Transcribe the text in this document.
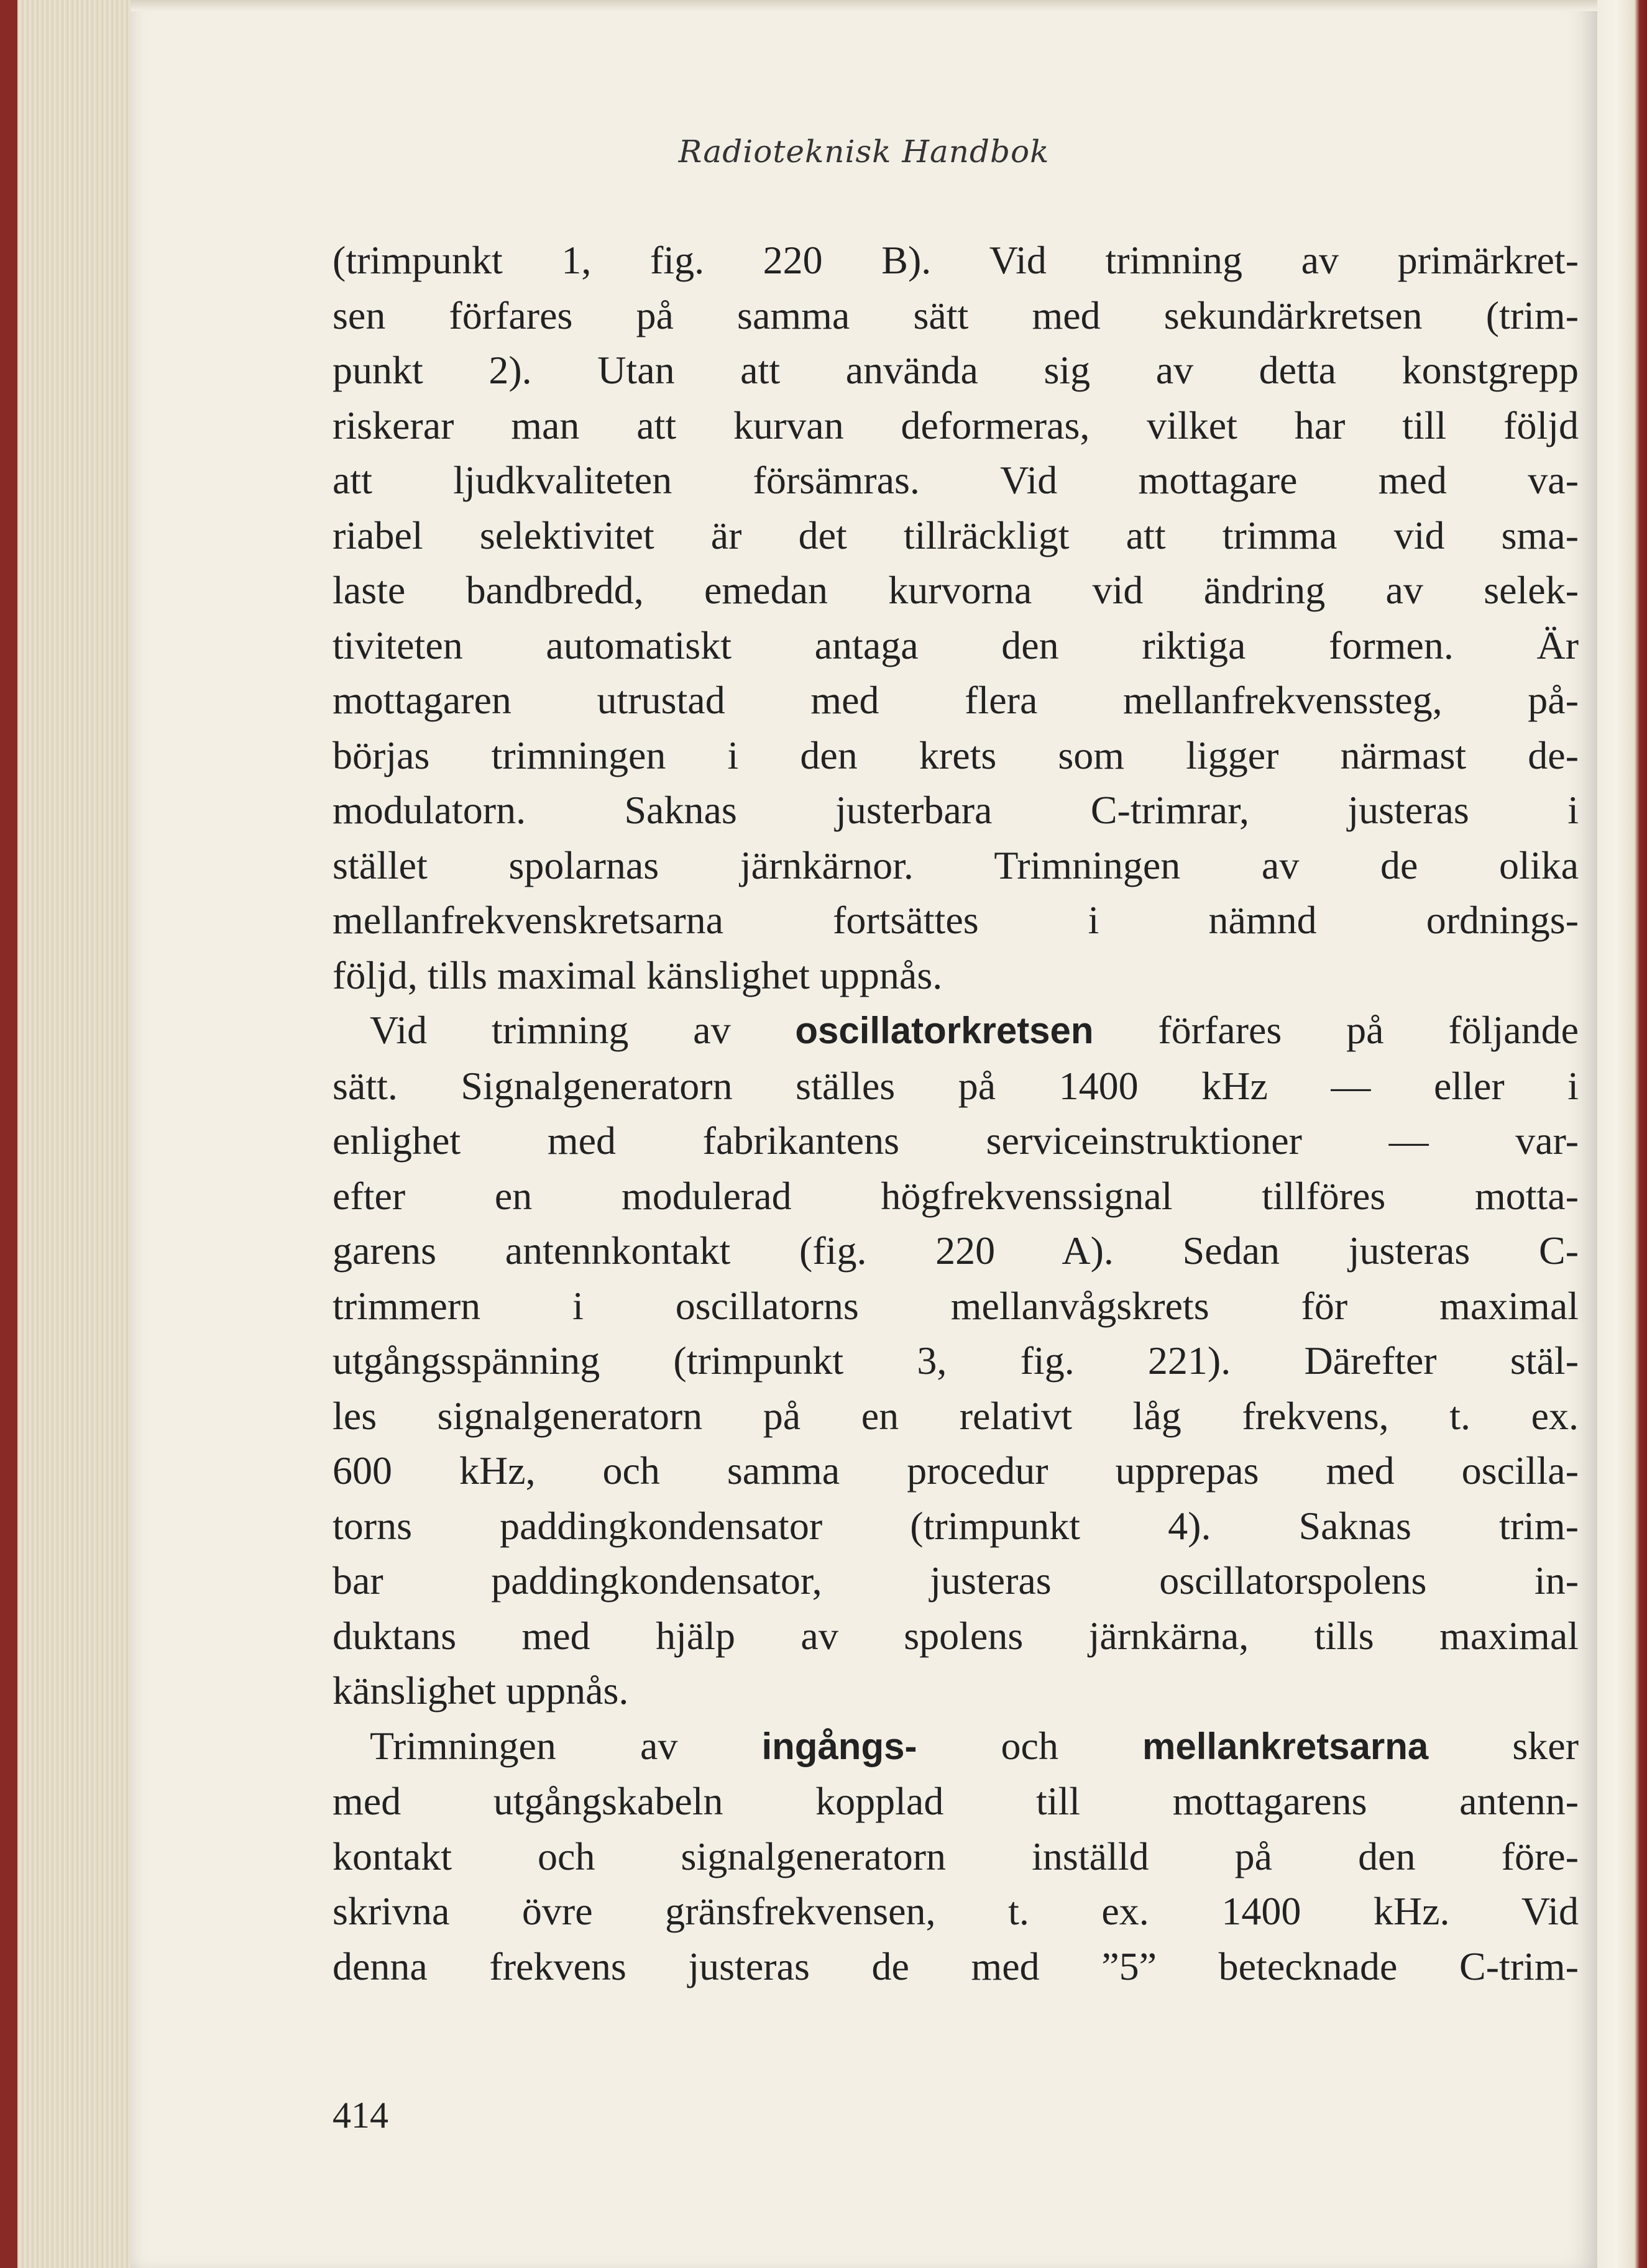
Radioteknisk Handbok
(trimpunkt 1, fig. 220 B). Vid trimning av primärkret-
sen förfares på samma sätt med sekundärkretsen (trim-
punkt 2). Utan att använda sig av detta konstgrepp
riskerar man att kurvan deformeras, vilket har till följd
att ljudkvaliteten försämras. Vid mottagare med va-
riabel selektivitet är det tillräckligt att trimma vid sma-
laste bandbredd, emedan kurvorna vid ändring av selek-
tiviteten automatiskt antaga den riktiga formen. Är
mottagaren utrustad med flera mellanfrekvenssteg, på-
börjas trimningen i den krets som ligger närmast de-
modulatorn. Saknas justerbara C-trimrar, justeras i
stället spolarnas järnkärnor. Trimningen av de olika
mellanfrekvenskretsarna fortsättes i nämnd ordnings-
följd, tills maximal känslighet uppnås.
Vid trimning av oscillatorkretsen förfares på följande
sätt. Signalgeneratorn ställes på 1400 kHz — eller i
enlighet med fabrikantens serviceinstruktioner — var-
efter en modulerad högfrekvenssignal tillföres motta-
garens antennkontakt (fig. 220 A). Sedan justeras C-
trimmern i oscillatorns mellanvågskrets för maximal
utgångsspänning (trimpunkt 3, fig. 221). Därefter stäl-
les signalgeneratorn på en relativt låg frekvens, t. ex.
600 kHz, och samma procedur upprepas med oscilla-
torns paddingkondensator (trimpunkt 4). Saknas trim-
bar paddingkondensator, justeras oscillatorspolens in-
duktans med hjälp av spolens järnkärna, tills maximal
känslighet uppnås.
Trimningen av ingångs- och mellankretsarna sker
med utgångskabeln kopplad till mottagarens antenn-
kontakt och signalgeneratorn inställd på den före-
skrivna övre gränsfrekvensen, t. ex. 1400 kHz. Vid
denna frekvens justeras de med ”5” betecknade C-trim-
414
